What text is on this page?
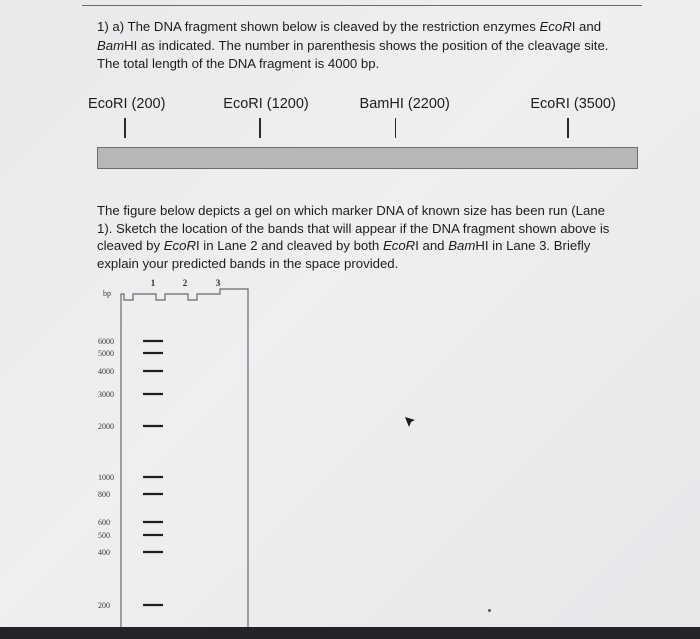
1) a) The DNA fragment shown below is cleaved by the restriction enzymes EcoRI and
BamHI as indicated. The number in parenthesis shows the position of the cleavage site.
The total length of the DNA fragment is 4000 bp.

EcoRI (200)	EcoRI (1200)	BamHI (2200)	EcoRI (3500)

The figure below depicts a gel on which marker DNA of known size has been run (Lane
1). Sketch the location of the bands that will appear if the DNA fragment shown above is
cleaved by EcoRI in Lane 2 and cleaved by both EcoRI and BamHI in Lane 3. Briefly
explain your predicted bands in the space provided.

1	2	3
bp
6000
5000
4000
3000
2000
1000
800
600
500
400
200
